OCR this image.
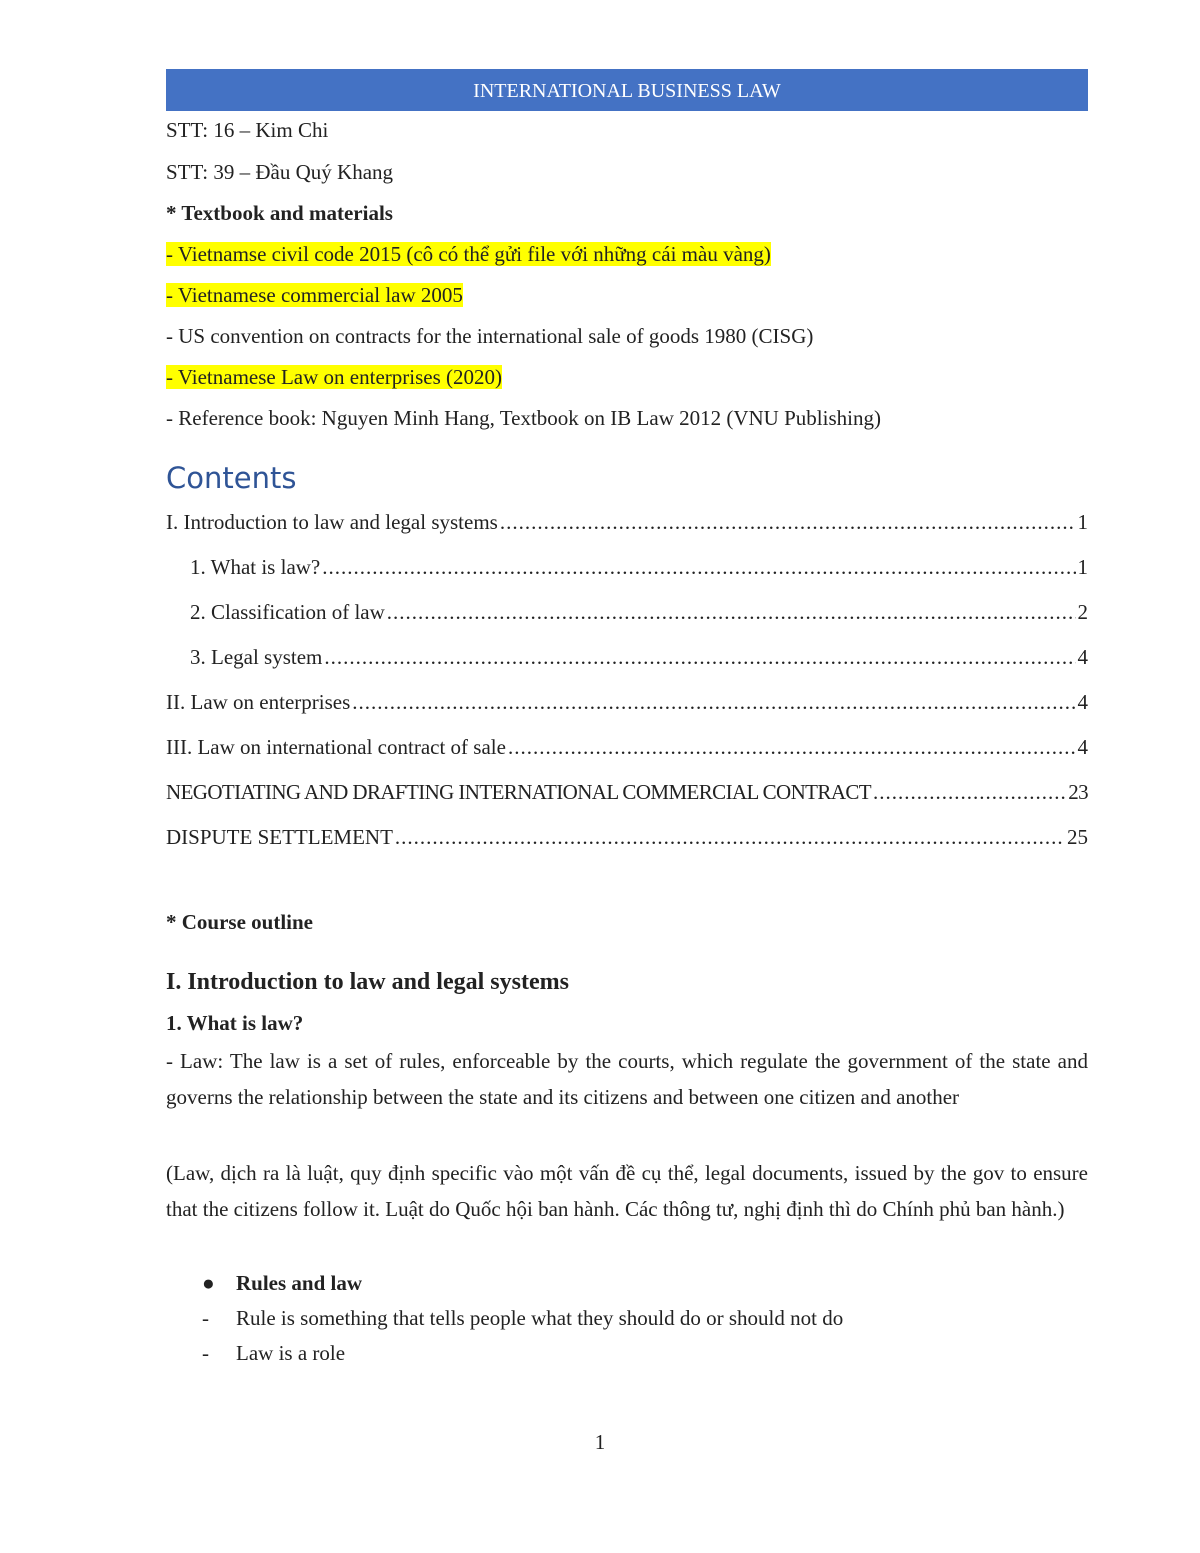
INTERNATIONAL BUSINESS LAW
STT: 16 – Kim Chi
STT: 39 – Đầu Quý Khang
* Textbook and materials
- Vietnamse civil code 2015 (cô có thể gửi file với những cái màu vàng)
- Vietnamese commercial law 2005
- US convention on contracts for the international sale of goods 1980 (CISG)
- Vietnamese Law on enterprises (2020)
- Reference book: Nguyen Minh Hang, Textbook on IB Law 2012 (VNU Publishing)
Contents
I. Introduction to law and legal systems .....	1
1. What is law? .....	1
2. Classification of law .....	2
3. Legal system .....	4
II. Law on enterprises .....	4
III. Law on international contract of sale .....	4
NEGOTIATING AND DRAFTING INTERNATIONAL COMMERCIAL CONTRACT .....	23
DISPUTE SETTLEMENT .....	25
* Course outline
I. Introduction to law and legal systems
1. What is law?
- Law: The law is a set of rules, enforceable by the courts, which regulate the government of the state and governs the relationship between the state and its citizens and between one citizen and another
(Law, dịch ra là luật, quy định specific vào một vấn đề cụ thể, legal documents, issued by the gov to ensure that the citizens follow it. Luật do Quốc hội ban hành. Các thông tư, nghị định thì do Chính phủ ban hành.)
● Rules and law
- Rule is something that tells people what they should do or should not do
- Law is a role
1
